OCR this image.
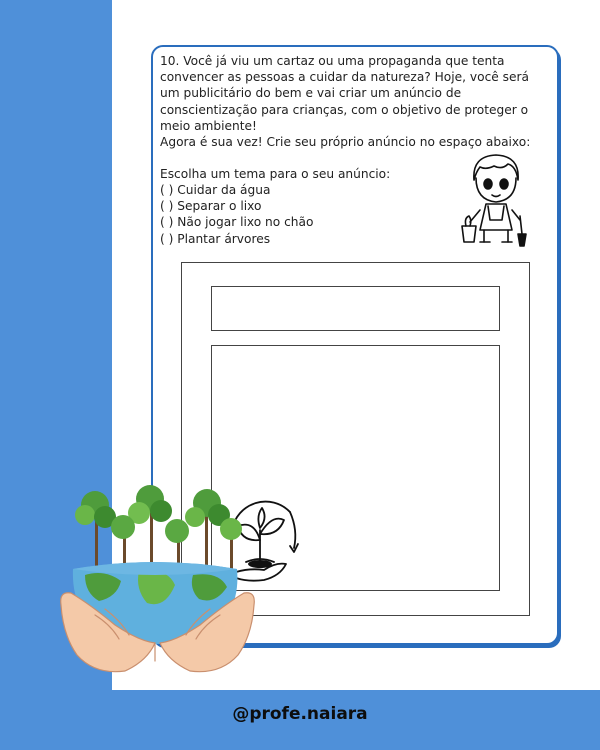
@profe.naiara
10. Você já viu um cartaz ou uma propaganda que tenta convencer as pessoas a cuidar da natureza? Hoje, você será um publicitário do bem e vai criar um anúncio de conscientização para crianças, com o objetivo de proteger o meio ambiente!
Agora é sua vez! Crie seu próprio anúncio no espaço abaixo:
Escolha um tema para o seu anúncio:
( ) Cuidar da água
( ) Separar o lixo
( ) Não jogar lixo no chão
( ) Plantar árvores
